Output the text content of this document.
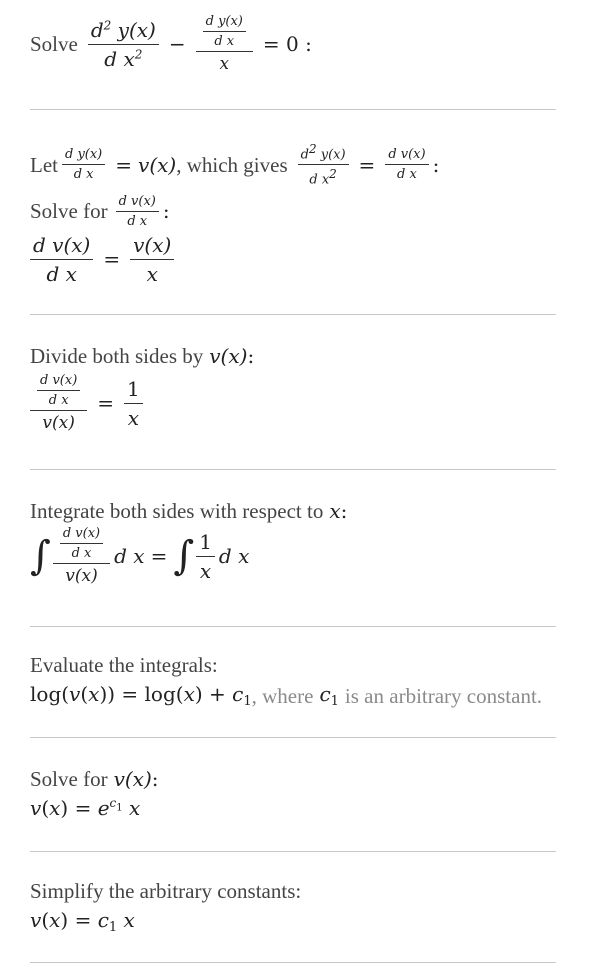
Solve $\frac{d^2 y(x)}{d x^2} - \frac{\frac{\text{d y(x)}}{\text{d x}}}{x} = 0$ :
Let $\frac{\text{d y(x)}}{\text{d x}} = v(x)$ , which gives $\frac{d^2 y(x)}{d x^2} = \frac{\text{d v(x)}}{\text{d x}}$ :
Solve for $\frac{\text{d v(x)}}{\text{d x}}$ :
$\frac{\text{d v(x)}}{\text{d x}} = \frac{v(x)}{x}$
Divide both sides by v(x) :
$\frac{\frac{\text{d v(x)}}{\text{d x}}}{v(x)} = \frac{1}{x}$
Integrate both sides with respect to x :
∫ $\frac{\frac{\text{d v(x)}}{\text{d x}}}{v(x)}$ d x = ∫ $\frac{1}{x}$ d x
Evaluate the integrals:
$\log(v(x)) = \log(x) + c_1$ , where $c_1$ is an arbitrary constant.
Solve for v(x) :
$v(x) = e^{c_1}$ x
Simplify the arbitrary constants:
$v(x) = c_1$ x
